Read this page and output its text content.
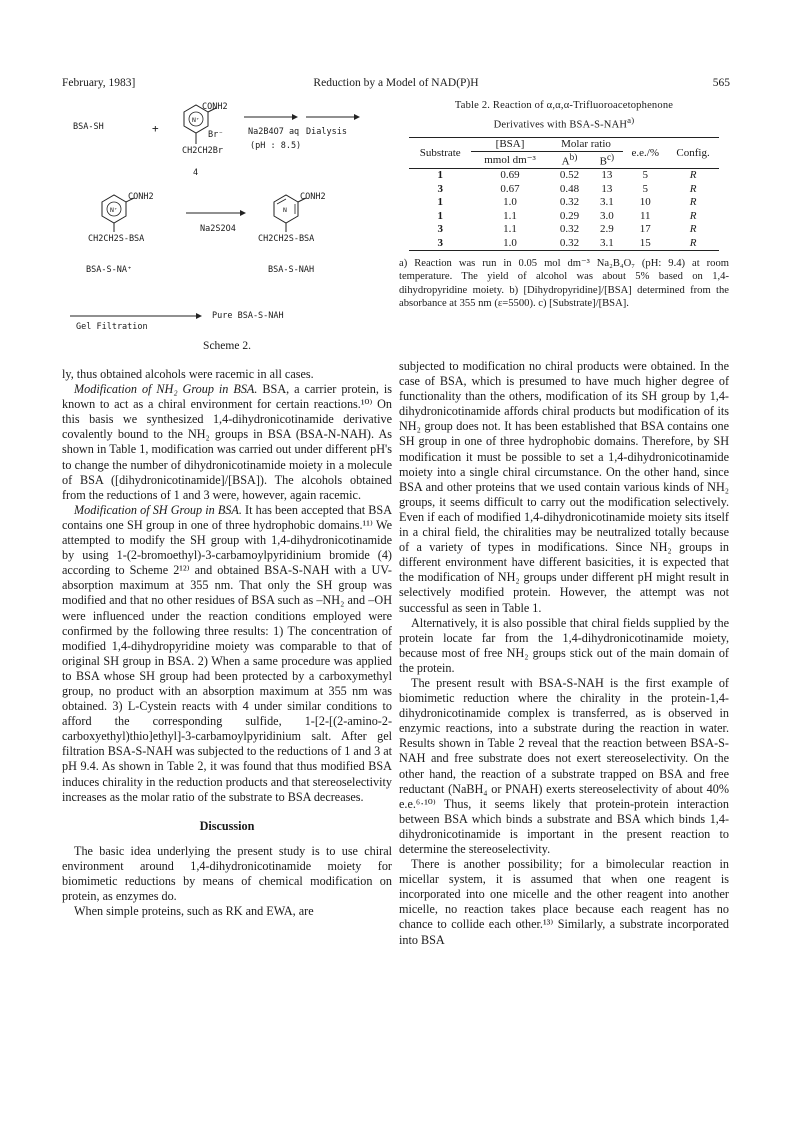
February, 1983]	Reduction by a Model of NAD(P)H	565
BSA-SH	+
CONH2
N⁺
Br⁻
CH2CH2Br
4
Na2B4O7 aq Dialysis
(pH : 8.5)
CONH2
N⁺
CH2CH2S-BSA
Na2S2O4
CONH2
N
CH2CH2S-BSA
BSA-S-NA⁺	BSA-S-NAH
Pure BSA-S-NAH
Gel Filtration
Scheme 2.
Table 2. Reaction of α,α,α-Trifluoroacetophenone
Derivatives with BSA-S-NAH$^{a)}$
Substrate	[BSA]	Molar ratio		e.e./%	Config.
	mmol dm⁻³	$A^{b)}$	$B^{c)}$
1	0.69	0.52	13	5	R
3	0.67	0.48	13	5	R
1	1.0	0.32	3.1	10	R
1	1.1	0.29	3.0	11	R
3	1.1	0.32	2.9	17	R
3	1.0	0.32	3.1	15	R
a) Reaction was run in 0.05 mol dm⁻³ Na₂B₄O₇ (pH: 9.4) at room temperature. The yield of alcohol was about 5% based on 1,4-dihydropyridine moiety. b) [Dihydropyridine]/[BSA] determined from the absorbance at 355 nm (ε=5500). c) [Substrate]/[BSA].

ly, thus obtained alcohols were racemic in all cases.

Modification of NH₂ Group in BSA. BSA, a carrier protein, is known to act as a chiral environment for certain reactions.¹⁰⁾ On this basis we synthesized 1,4-dihydronicotinamide derivative covalently bound to the NH₂ groups in BSA (BSA-N-NAH). As shown in Table 1, modification was carried out under different pH's to change the number of dihydronicotinamide moiety in a molecule of BSA ([dihydronicotinamide]/[BSA]). The alcohols obtained from the reductions of 1 and 3 were, however, again racemic.

Modification of SH Group in BSA. It has been accepted that BSA contains one SH group in one of three hydrophobic domains.¹¹⁾ We attempted to modify the SH group with 1,4-dihydronicotinamide by using 1-(2-bromoethyl)-3-carbamoylpyridinium bromide (4) according to Scheme 2¹²⁾ and obtained BSA-S-NAH with a UV-absorption maximum at 355 nm. That only the SH group was modified and that no other residues of BSA such as –NH₂ and –OH were influenced under the reaction conditions employed were confirmed by the following three results: 1) The concentration of modified 1,4-dihydropyridine moiety was comparable to that of original SH group in BSA. 2) When a same procedure was applied to BSA whose SH group had been protected by a carboxymethyl group, no product with an absorption maximum at 355 nm was obtained. 3) L-Cystein reacts with 4 under similar conditions to afford the corresponding sulfide, 1-[2-[(2-amino-2-carboxyethyl)thio]ethyl]-3-carbamoylpyridinium salt. After gel filtration BSA-S-NAH was subjected to the reductions of 1 and 3 at pH 9.4. As shown in Table 2, it was found that thus modified BSA induces chirality in the reduction products and that stereoselectivity increases as the molar ratio of the substrate to BSA decreases.

Discussion

The basic idea underlying the present study is to use chiral environment around 1,4-dihydronicotinamide moiety for biomimetic reductions by means of chemical modification on protein, as enzymes do.

When simple proteins, such as RK and EWA, are

subjected to modification no chiral products were obtained. In the case of BSA, which is presumed to have much higher degree of functionality than the others, modification of its SH group by 1,4-dihydronicotinamide affords chiral products but modification of its NH₂ group does not. It has been established that BSA contains one SH group in one of three hydrophobic domains. Therefore, by SH modification it must be possible to set a 1,4-dihydronicotinamide moiety into a single chiral circumstance. On the other hand, since BSA and other proteins that we used contain various kinds of NH₂ groups, it seems difficult to carry out the modification selectively. Even if each of modified 1,4-dihydronicotinamide moiety sits itself in a chiral field, the chiralities may be neutralized totally because of a variety of types in modifications. Since NH₂ groups in different environment have different basicities, it is expected that the modification of NH₂ groups under different pH might result in selectively modified protein. However, the attempt was not successful as seen in Table 1.

Alternatively, it is also possible that chiral fields supplied by the protein locate far from the 1,4-dihydronicotinamide moiety, because most of free NH₂ groups stick out of the main domain of the protein.

The present result with BSA-S-NAH is the first example of biomimetic reduction where the chirality in the protein-1,4-dihydronicotinamide complex is transferred, as is observed in enzymic reactions, into a substrate during the reaction in water. Results shown in Table 2 reveal that the reaction between BSA-S-NAH and free substrate does not exert stereoselectivity. On the other hand, the reaction of a substrate trapped on BSA and free reductant (NaBH₄ or PNAH) exerts stereoselectivity of about 40% e.e.⁶·¹⁰⁾ Thus, it seems likely that protein-protein interaction between BSA which binds a substrate and BSA which binds 1,4-dihydronicotinamide is important in the present reaction to determine the stereoselectivity.

There is another possibility; for a bimolecular reaction in micellar system, it is assumed that when one reagent is incorporated into one micelle and the other reagent into another micelle, no reaction takes place because each reagent has no chance to collide each other.¹³⁾ Similarly, a substrate incorporated into BSA
